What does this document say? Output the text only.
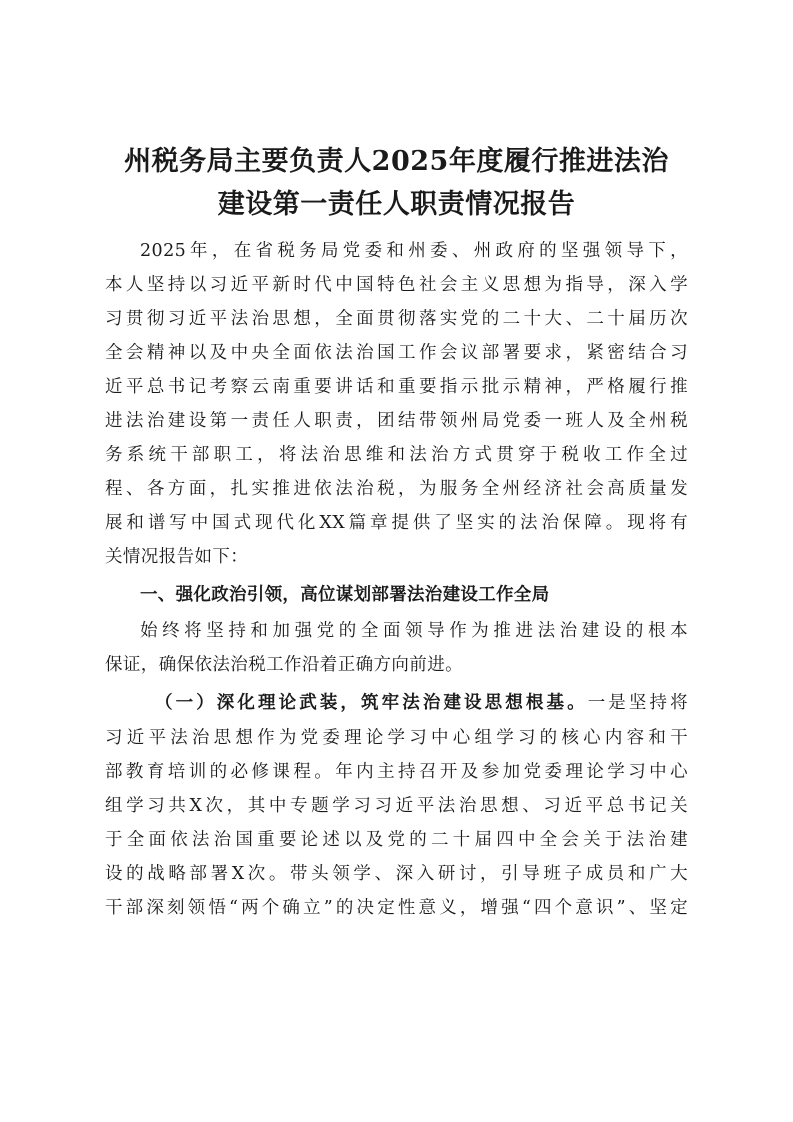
州税务局主要负责人2025年度履行推进法治
建设第一责任人职责情况报告

2025年，在省税务局党委和州委、州政府的坚强领导下，

本人坚持以习近平新时代中国特色社会主义思想为指导，深入学

习贯彻习近平法治思想，全面贯彻落实党的二十大、二十届历次

全会精神以及中央全面依法治国工作会议部署要求，紧密结合习

近平总书记考察云南重要讲话和重要指示批示精神，严格履行推

进法治建设第一责任人职责，团结带领州局党委一班人及全州税

务系统干部职工，将法治思维和法治方式贯穿于税收工作全过

程、各方面，扎实推进依法治税，为服务全州经济社会高质量发

展和谱写中国式现代化XX篇章提供了坚实的法治保障。现将有

关情况报告如下：

一、强化政治引领，高位谋划部署法治建设工作全局

始终将坚持和加强党的全面领导作为推进法治建设的根本

保证，确保依法治税工作沿着正确方向前进。

（一）深化理论武装，筑牢法治建设思想根基。一是坚持将

习近平法治思想作为党委理论学习中心组学习的核心内容和干

部教育培训的必修课程。年内主持召开及参加党委理论学习中心

组学习共X次，其中专题学习习近平法治思想、习近平总书记关

于全面依法治国重要论述以及党的二十届四中全会关于法治建

设的战略部署X次。带头领学、深入研讨，引导班子成员和广大

干部深刻领悟“两个确立”的决定性意义，增强“四个意识”、坚定
